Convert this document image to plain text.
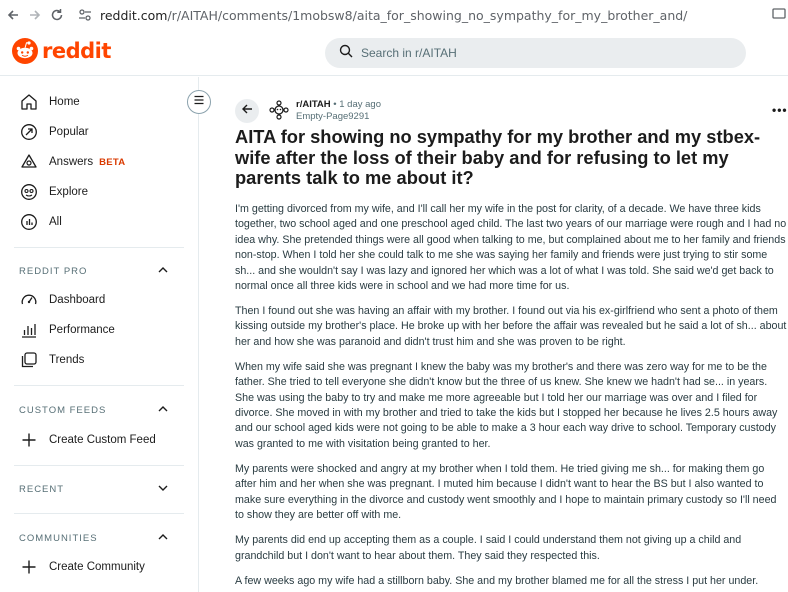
reddit.com /r/AITAH/comments/1mobsw8/aita_for_showing_no_sympathy_for_my_brother_and/
reddit	Search in r/AITAH
Home
Popular
Answers BETA
Explore
All
REDDIT PRO
Dashboard
Performance
Trends
CUSTOM FEEDS
Create Custom Feed
RECENT
COMMUNITIES
Create Community
r/AITAH • 1 day ago
Empty-Page9291	•••
AITA for showing no sympathy for my brother and my stbex-wife after the loss of their baby and for refusing to let my parents talk to me about it?

I'm getting divorced from my wife, and I'll call her my wife in the post for clarity, of a decade. We have three kids together, two school aged and one preschool aged child. The last two years of our marriage were rough and I had no idea why. She pretended things were all good when talking to me, but complained about me to her family and friends non-stop. When I told her she could talk to me she was saying her family and friends were just trying to stir some sh... and she wouldn't say I was lazy and ignored her which was a lot of what I was told. She said we'd get back to normal once all three kids were in school and we had more time for us.

Then I found out she was having an affair with my brother. I found out via his ex-girlfriend who sent a photo of them kissing outside my brother's place. He broke up with her before the affair was revealed but he said a lot of sh... about her and how she was paranoid and didn't trust him and she was proven to be right.

When my wife said she was pregnant I knew the baby was my brother's and there was zero way for me to be the father. She tried to tell everyone she didn't know but the three of us knew. She knew we hadn't had se... in years. She was using the baby to try and make me more agreeable but I told her our marriage was over and I filed for divorce. She moved in with my brother and tried to take the kids but I stopped her because he lives 2.5 hours away and our school aged kids were not going to be able to make a 3 hour each way drive to school. Temporary custody was granted to me with visitation being granted to her.

My parents were shocked and angry at my brother when I told them. He tried giving me sh... for making them go after him and her when she was pregnant. I muted him because I didn't want to hear the BS but I also wanted to make sure everything in the divorce and custody went smoothly and I hope to maintain primary custody so I'll need to show they are better off with me.

My parents did end up accepting them as a couple. I said I could understand them not giving up a child and grandchild but I don't want to hear about them. They said they respected this.

A few weeks ago my wife had a stillborn baby. She and my brother blamed me for all the stress I put her under.
